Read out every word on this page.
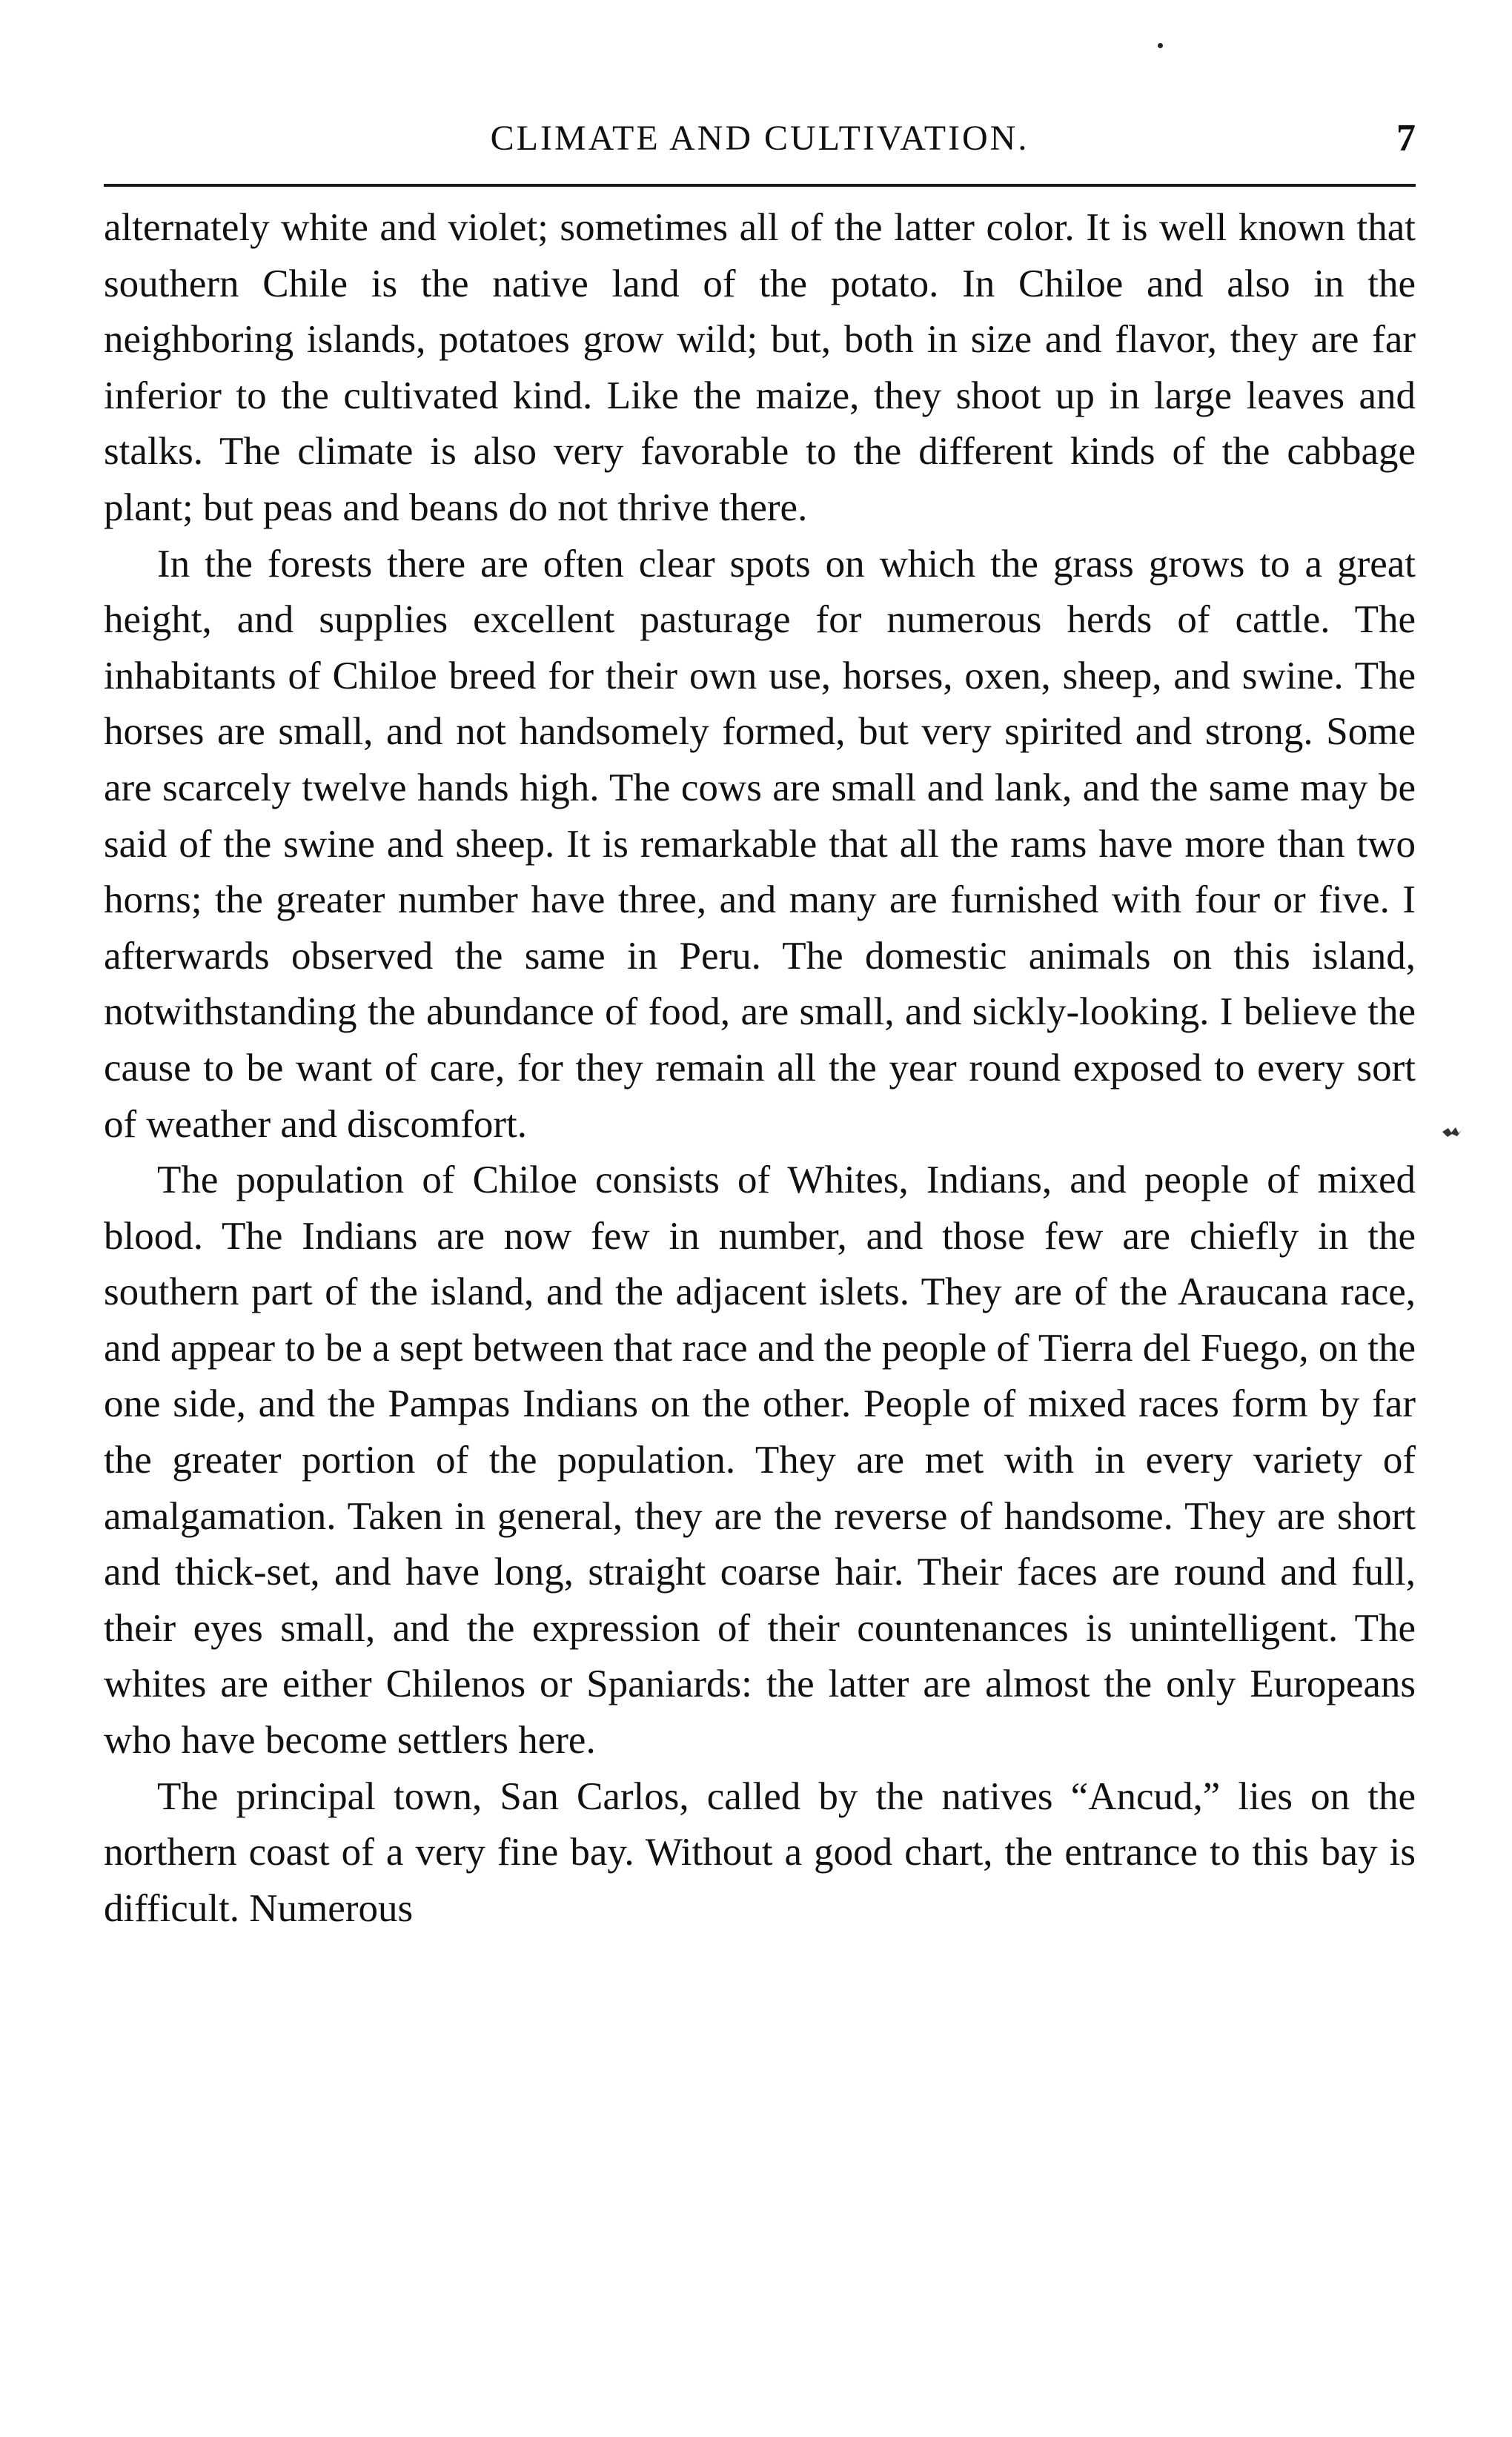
CLIMATE AND CULTIVATION.	7

alternately white and violet; sometimes all of the latter color. It is well known that southern Chile is the native land of the potato. In Chiloe and also in the neighboring islands, potatoes grow wild; but, both in size and flavor, they are far inferior to the cultivated kind. Like the maize, they shoot up in large leaves and stalks. The climate is also very favorable to the different kinds of the cabbage plant; but peas and beans do not thrive there.

In the forests there are often clear spots on which the grass grows to a great height, and supplies excellent pasturage for numerous herds of cattle. The inhabitants of Chiloe breed for their own use, horses, oxen, sheep, and swine. The horses are small, and not handsomely formed, but very spirited and strong. Some are scarcely twelve hands high. The cows are small and lank, and the same may be said of the swine and sheep. It is remarkable that all the rams have more than two horns; the greater number have three, and many are furnished with four or five. I afterwards observed the same in Peru. The domestic animals on this island, notwithstanding the abundance of food, are small, and sickly-looking. I believe the cause to be want of care, for they remain all the year round exposed to every sort of weather and discomfort.

The population of Chiloe consists of Whites, Indians, and people of mixed blood. The Indians are now few in number, and those few are chiefly in the southern part of the island, and the adjacent islets. They are of the Araucana race, and appear to be a sept between that race and the people of Tierra del Fuego, on the one side, and the Pampas Indians on the other. People of mixed races form by far the greater portion of the population. They are met with in every variety of amalgamation. Taken in general, they are the reverse of handsome. They are short and thick-set, and have long, straight coarse hair. Their faces are round and full, their eyes small, and the expression of their countenances is unintelligent. The whites are either Chilenos or Spaniards: the latter are almost the only Europeans who have become settlers here.

The principal town, San Carlos, called by the natives “Ancud,” lies on the northern coast of a very fine bay. Without a good chart, the entrance to this bay is difficult. Numerous
